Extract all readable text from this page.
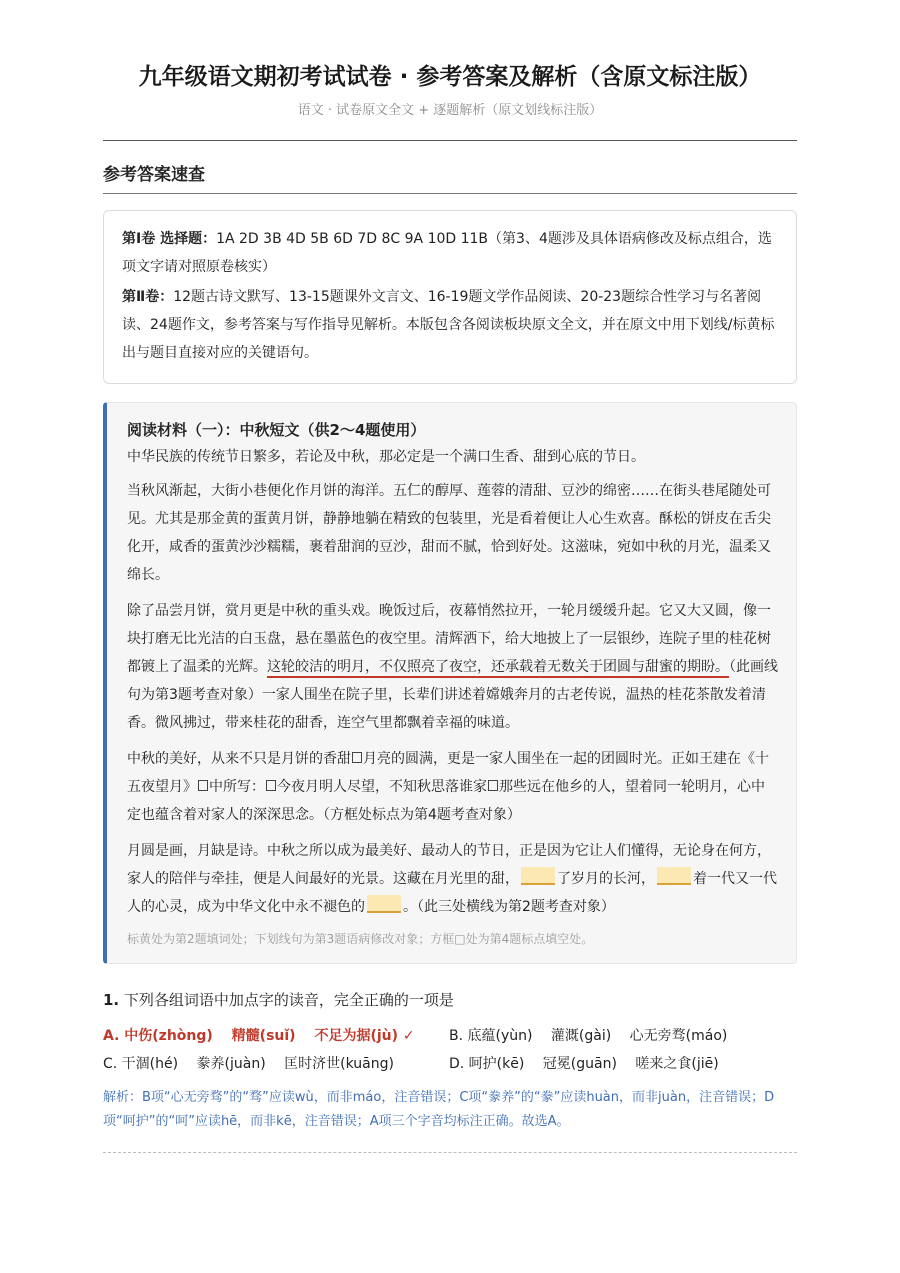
九年级语文期初考试试卷 · 参考答案及解析（含原文标注版）
语文 · 试卷原文全文 + 逐题解析（原文划线标注版）
参考答案速查

第Ⅰ卷 选择题：1A 2D 3B 4D 5B 6D 7D 8C 9A 10D 11B（第3、4题涉及具体语病修改及标点组合，选项文字请对照原卷核实）

第Ⅱ卷：12题古诗文默写、13-15题课外文言文、16-19题文学作品阅读、20-23题综合性学习与名著阅读、24题作文，参考答案与写作指导见解析。本版包含各阅读板块原文全文，并在原文中用下划线/标黄标出与题目直接对应的关键语句。

阅读材料（一）：中秋短文（供2～4题使用）

中华民族的传统节日繁多，若论及中秋，那必定是一个满口生香、甜到心底的节日。

当秋风渐起，大街小巷便化作月饼的海洋。五仁的醇厚、莲蓉的清甜、豆沙的绵密……在街头巷尾随处可见。尤其是那金黄的蛋黄月饼，静静地躺在精致的包装里，光是看着便让人心生欢喜。酥松的饼皮在舌尖化开，咸香的蛋黄沙沙糯糯，裹着甜润的豆沙，甜而不腻，恰到好处。这滋味，宛如中秋的月光，温柔又绵长。

除了品尝月饼，赏月更是中秋的重头戏。晚饭过后，夜幕悄然拉开，一轮月缓缓升起。它又大又圆，像一块打磨无比光洁的白玉盘，悬在墨蓝色的夜空里。清辉洒下，给大地披上了一层银纱，连院子里的桂花树都镀上了温柔的光辉。这轮皎洁的明月，不仅照亮了夜空，还承载着无数关于团圆与甜蜜的期盼。（此画线句为第3题考查对象）一家人围坐在院子里，长辈们讲述着嫦娥奔月的古老传说，温热的桂花茶散发着清香。微风拂过，带来桂花的甜香，连空气里都飘着幸福的味道。

中秋的美好，从来不只是月饼的香甜 月亮的圆满，更是一家人围坐在一起的团圆时光。正如王建在《十五夜望月》 中所写： 今夜月明人尽望，不知秋思落谁家 那些远在他乡的人，望着同一轮明月，心中定也蕴含着对家人的深深思念。（方框处标点为第4题考查对象）

月圆是画，月缺是诗。中秋之所以成为最美好、最动人的节日，正是因为它让人们懂得，无论身在何方，家人的陪伴与牵挂，便是人间最好的光景。这藏在月光里的甜，	了岁月的长河，	着一代又一代人的心灵，成为中华文化中永不褪色的	。（此三处横线为第2题考查对象）

标黄处为第2题填词处；下划线句为第3题语病修改对象；方框□处为第4题标点填空处。
1. 下列各组词语中加点字的读音，完全正确的一项是
A. 中伤(zhòng)　 精髓(suǐ)　 不足为据(jù) ✓	B. 底蕴(yùn)　 灌溉(gài)　 心无旁骛(máo)
C. 干涸(hé)　 豢养(juàn)　 匡时济世(kuāng)	D. 呵护(kē)　 冠冕(guān)　 嗟来之食(jiē)
解析：B项“心无旁骛”的“骛”应读wù，而非máo，注音错误；C项“豢养”的“豢”应读huàn，而非juàn，注音错误；D项“呵护”的“呵”应读hē，而非kē，注音错误；A项三个字音均标注正确。故选A。
